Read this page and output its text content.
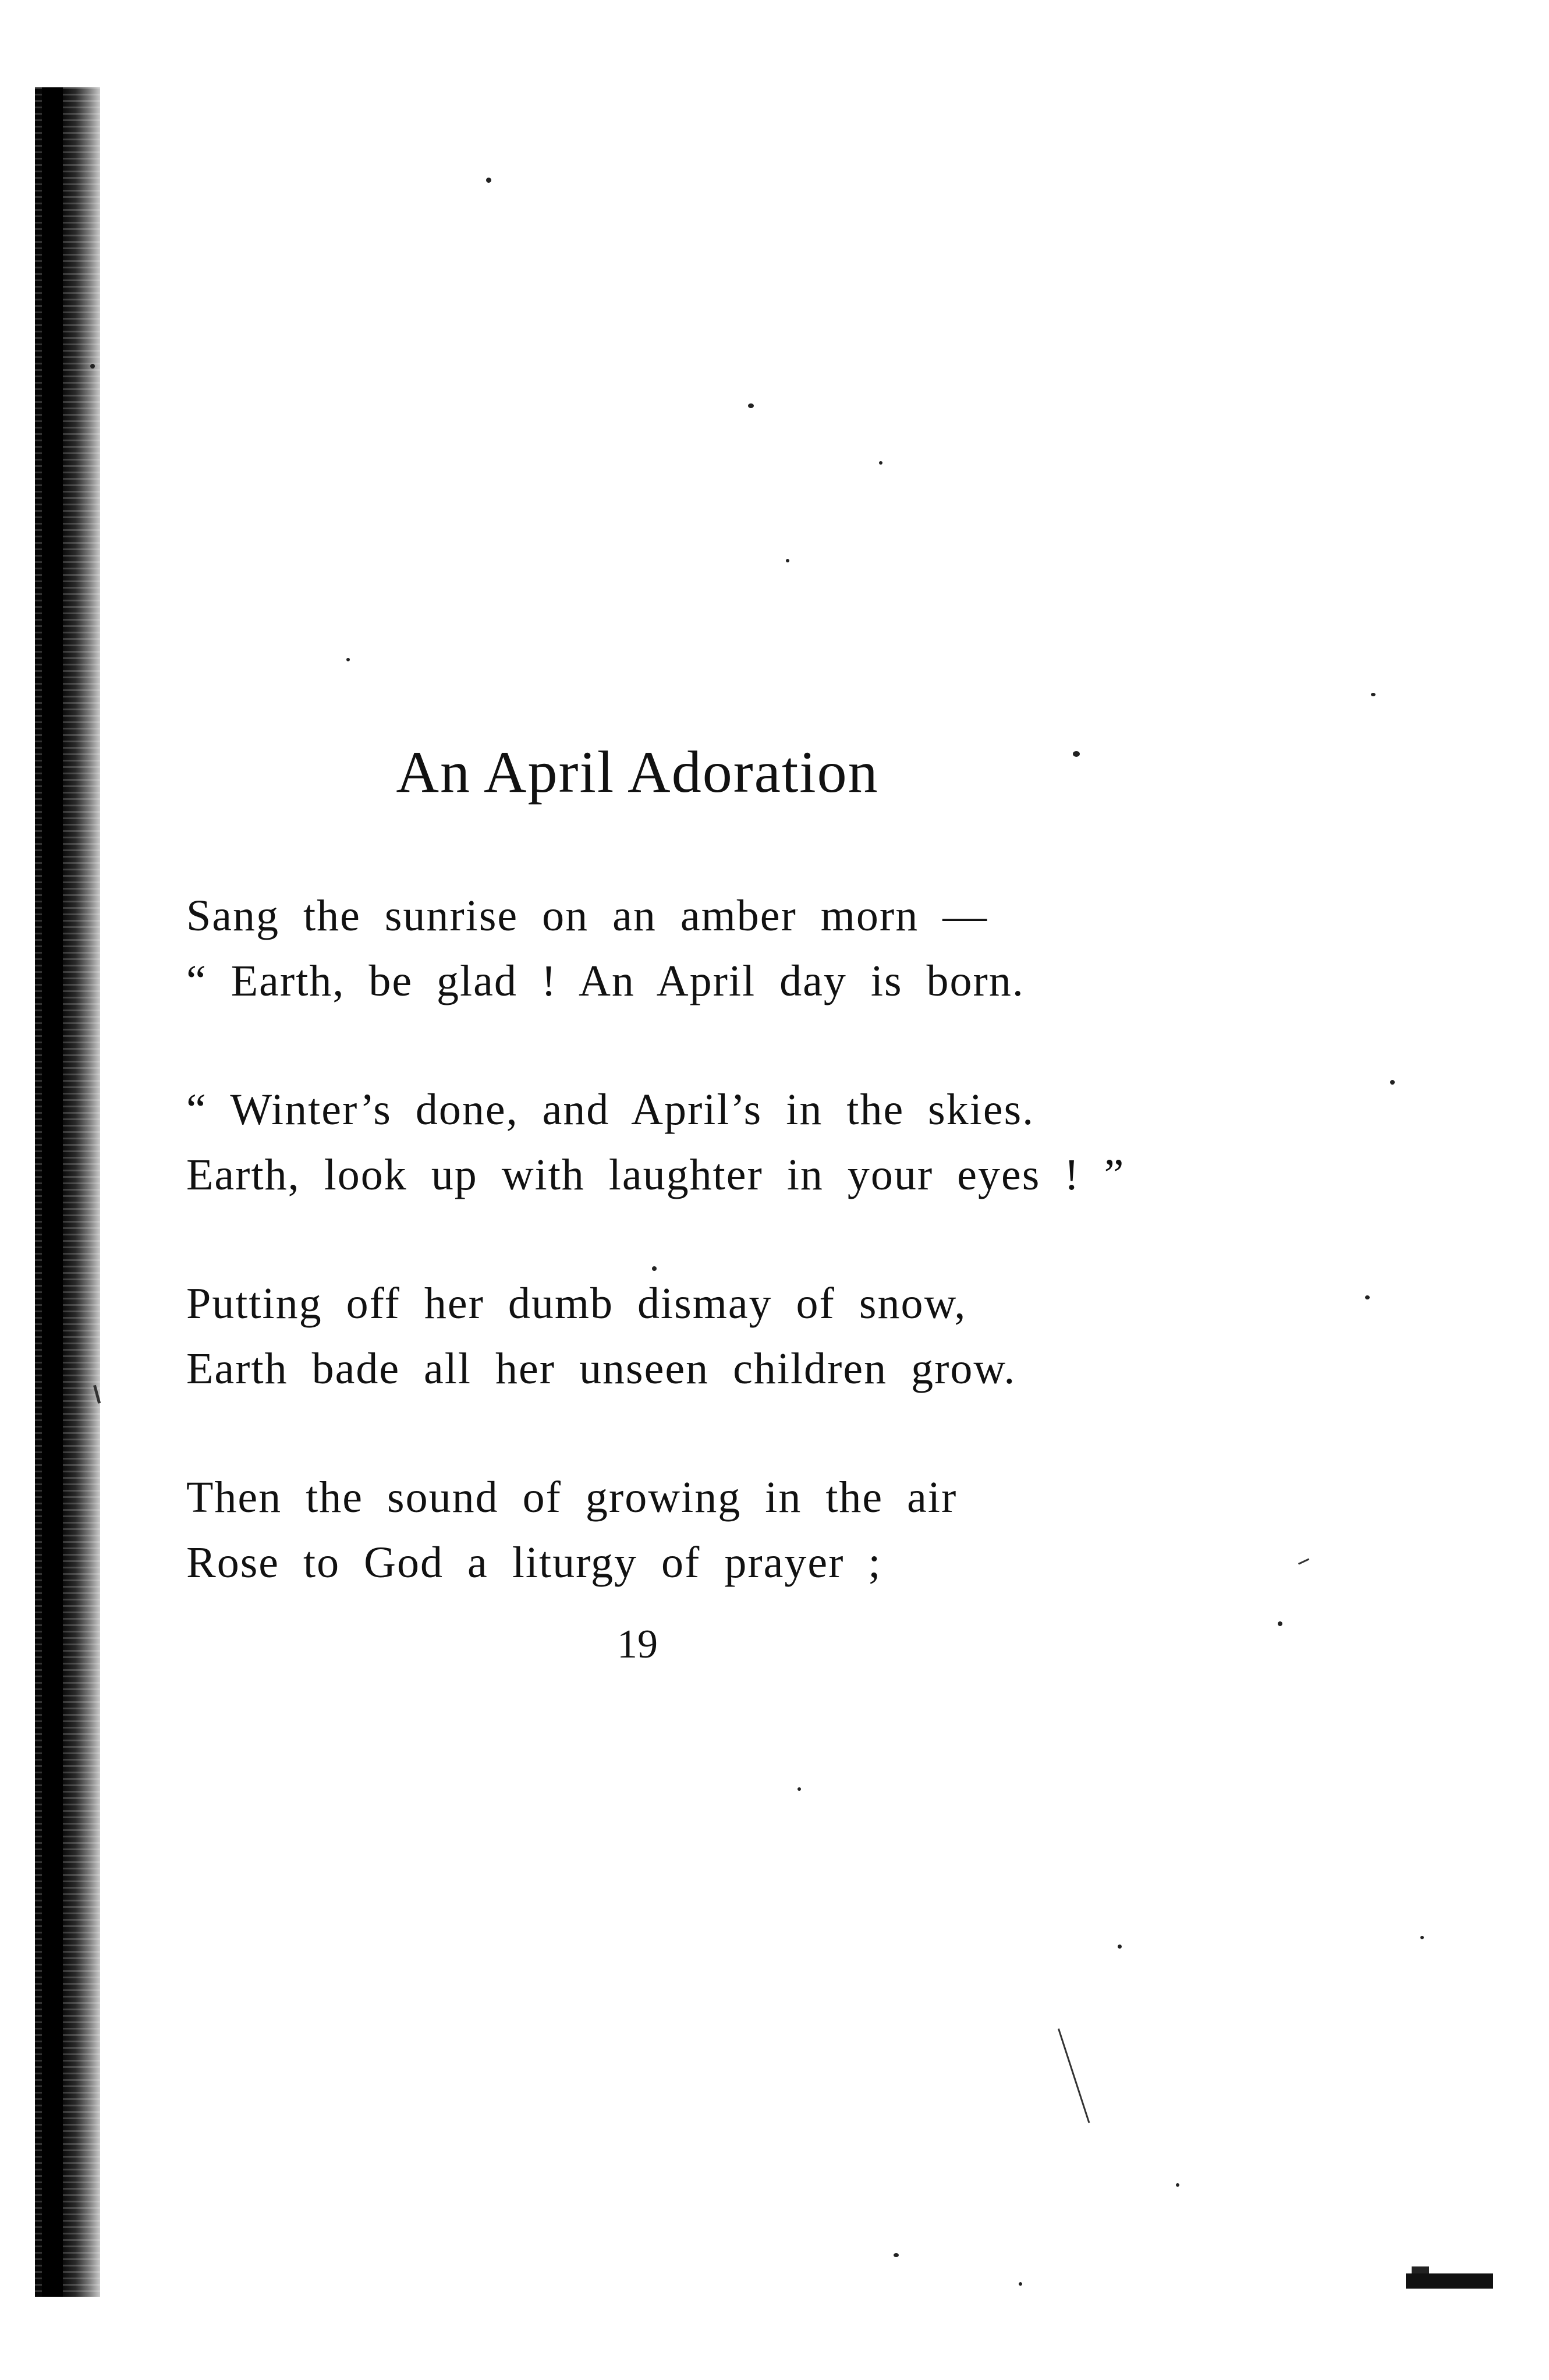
An April Adoration
Sang the sunrise on an amber morn —
“ Earth, be glad ! An April day is born.
“ Winter’s done, and April’s in the skies.
Earth, look up with laughter in your eyes ! ”
Putting off her dumb dismay of snow,
Earth bade all her unseen children grow.
Then the sound of growing in the air
Rose to God a liturgy of prayer ;
19
